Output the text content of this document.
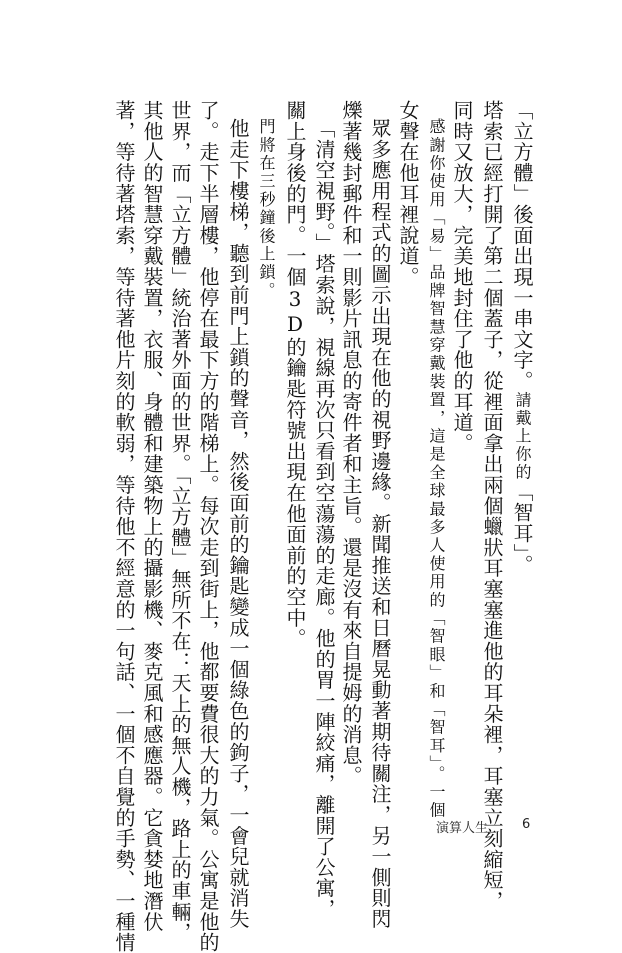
「立方體」後面出現一串文字。請戴上你的「智耳」。
塔索已經打開了第二個蓋子，從裡面拿出兩個蠟狀耳塞塞進他的耳朵裡，耳塞立刻縮短，
同時又放大，完美地封住了他的耳道。
感謝你使用「易」品牌智慧穿戴裝置，這是全球最多人使用的「智眼」和「智耳」。一個
女聲在他耳裡說道。
眾多應用程式的圖示出現在他的視野邊緣。新聞推送和日曆晃動著期待關注，另一側則閃
爍著幾封郵件和一則影片訊息的寄件者和主旨。還是沒有來自提姆的消息。
「清空視野。」塔索說，視線再次只看到空蕩蕩的走廊。他的胃一陣絞痛，離開了公寓，
關上身後的門。一個3D的鑰匙符號出現在他面前的空中。
門將在三秒鐘後上鎖。
他走下樓梯，聽到前門上鎖的聲音，然後面前的鑰匙變成一個綠色的鉤子，一會兒就消失
了。走下半層樓，他停在最下方的階梯上。每次走到街上，他都要費很大的力氣。公寓是他的
世界，而「立方體」統治著外面的世界。「立方體」無所不在：天上的無人機，路上的車輛，
其他人的智慧穿戴裝置，衣服、身體和建築物上的攝影機、麥克風和感應器。它貪婪地潛伏
著，等待著塔索，等待著他片刻的軟弱，等待他不經意的一句話、一個不自覺的手勢、一種情	演算人生	6
